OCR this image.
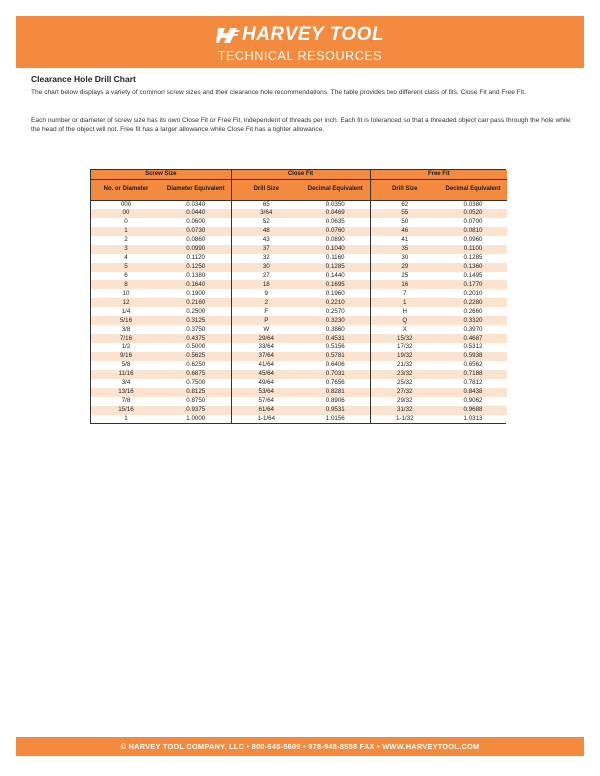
HARVEY TOOL
TECHNICAL RESOURCES
Clearance Hole Drill Chart
The chart below displays a variety of common screw sizes and their clearance hole recommendations. The table provides two different class of fits, Close Fit and Free Fit.
Each number or diameter of screw size has its own Close Fit or Free Fit, independent of threads per inch. Each fit is toleranced so that a threaded object can pass through the hole while the head of the object will not. Free fit has a larger allowance while Close Fit has a tighter allowance.
Screw Size		Close Fit		Free Fit	
No. or Diameter	Diameter Equivalent	Drill Size	Decimal Equivalent	Drill Size	Decimal Equivalent
000	0.0340	65	0.0350	62	0.0380
00	0.0440	3/64	0.0469	55	0.0520
0	0.0600	52	0.0635	50	0.0700
1	0.0730	48	0.0760	46	0.0810
2	0.0860	43	0.0890	41	0.0960
3	0.0990	37	0.1040	35	0.1100
4	0.1120	32	0.1160	30	0.1285
5	0.1250	30	0.1285	29	0.1360
6	0.1380	27	0.1440	25	0.1495
8	0.1640	18	0.1695	16	0.1770
10	0.1900	9	0.1960	7	0.2010
12	0.2160	2	0.2210	1	0.2280
1/4	0.2500	F	0.2570	H	0.2660
5/16	0.3125	P	0.3230	Q	0.3320
3/8	0.3750	W	0.3860	X	0.3970
7/16	0.4375	29/64	0.4531	15/32	0.4687
1/2	0.5000	33/64	0.5156	17/32	0.5312
9/16	0.5625	37/64	0.5781	19/32	0.5938
5/8	0.6250	41/64	0.6406	21/32	0.6562
11/16	0.6875	45/64	0.7031	23/32	0.7188
3/4	0.7500	49/64	0.7656	25/32	0.7812
13/16	0.8125	53/64	0.8281	27/32	0.8438
7/8	0.8750	57/64	0.8906	29/32	0.9062
15/16	0.9375	61/64	0.9531	31/32	0.9688
1	1.0000	1-1/64	1.0156	1-1/32	1.0313
© HARVEY TOOL COMPANY, LLC • 800-645-5609 • 978-948-8558 FAX • WWW.HARVEYTOOL.COM
